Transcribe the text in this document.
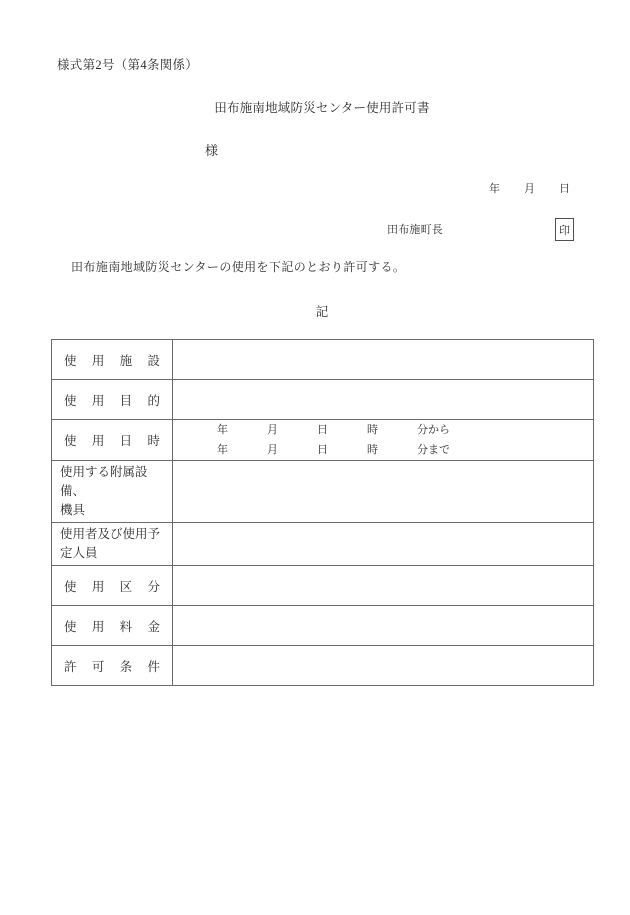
様式第2号（第4条関係）
田布施南地域防災センター使用許可書
様
年 月 日
田布施町長	印
田布施南地域防災センターの使用を下記のとおり許可する。
記
使 用 施 設	

使 用 目 的	

使 用 日 時

年	月	日	時	分から
年	月	日	時	分まで

使用する附属設備、
機具	

使用者及び使用予
定人員	

使 用 区 分	

使 用 料 金	

許 可 条 件	
